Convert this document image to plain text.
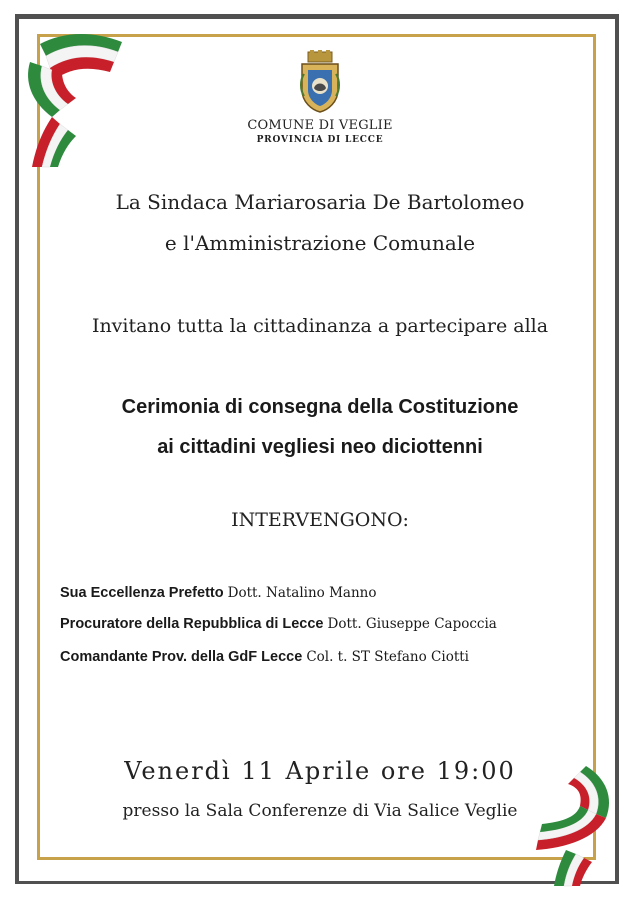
COMUNE DI VEGLIE
PROVINCIA DI LECCE
La Sindaca Mariarosaria De Bartolomeo
e l'Amministrazione Comunale
Invitano tutta la cittadinanza a partecipare alla
Cerimonia di consegna della Costituzione
ai cittadini vegliesi neo diciottenni
INTERVENGONO:
Sua Eccellenza Prefetto Dott. Natalino Manno
Procuratore della Repubblica di Lecce Dott. Giuseppe Capoccia
Comandante Prov. della GdF Lecce Col. t. ST Stefano Ciotti
Venerdì 11 Aprile ore 19:00
presso la Sala Conferenze di Via Salice Veglie
